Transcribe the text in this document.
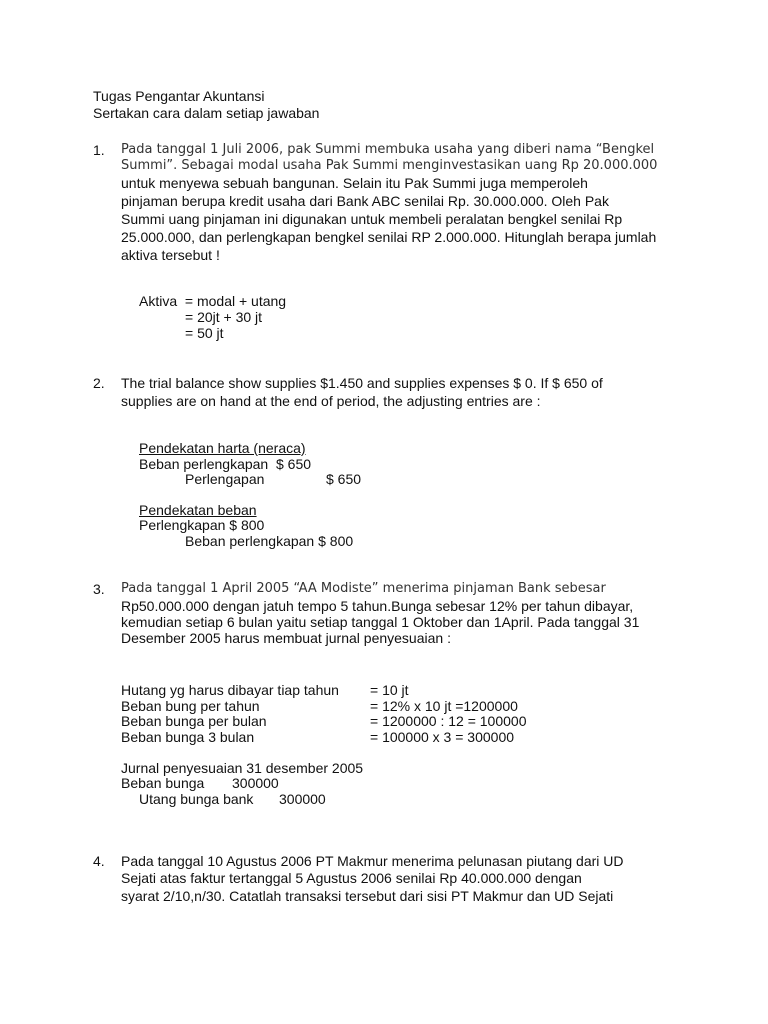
Tugas Pengantar Akuntansi
Sertakan cara dalam setiap jawaban
1. Pada tanggal 1 Juli 2006, pak Summi membuka usaha yang diberi nama “Bengkel
Summi”. Sebagai modal usaha Pak Summi menginvestasikan uang Rp 20.000.000
untuk menyewa sebuah bangunan. Selain itu Pak Summi juga memperoleh
pinjaman berupa kredit usaha dari Bank ABC senilai Rp. 30.000.000. Oleh Pak
Summi uang pinjaman ini digunakan untuk membeli peralatan bengkel senilai Rp
25.000.000, dan perlengkapan bengkel senilai RP 2.000.000. Hitunglah berapa jumlah
aktiva tersebut !
Aktiva  = modal + utang
= 20jt + 30 jt
= 50 jt
2. The trial balance show supplies $1.450 and supplies expenses $ 0. If $ 650 of
supplies are on hand at the end of period, the adjusting entries are :
Pendekatan harta (neraca)
Beban perlengkapan  $ 650
Perlengapan	$ 650
Pendekatan beban
Perlengkapan $ 800
Beban perlengkapan $ 800
3. Pada tanggal 1 April 2005 “AA Modiste” menerima pinjaman Bank sebesar
Rp50.000.000 dengan jatuh tempo 5 tahun.Bunga sebesar 12% per tahun dibayar,
kemudian setiap 6 bulan yaitu setiap tanggal 1 Oktober dan 1April. Pada tanggal 31
Desember 2005 harus membuat jurnal penyesuaian :
Hutang yg harus dibayar tiap tahun = 10 jt
Beban bung per tahun	= 12% x 10 jt =1200000
Beban bunga per bulan	= 1200000 : 12 = 100000
Beban bunga 3 bulan	= 100000 x 3 = 300000
Jurnal penyesuaian 31 desember 2005
Beban bunga 300000
Utang bunga bank 300000
4. Pada tanggal 10 Agustus 2006 PT Makmur menerima pelunasan piutang dari UD
Sejati atas faktur tertanggal 5 Agustus 2006 senilai Rp 40.000.000 dengan
syarat 2/10,n/30. Catatlah transaksi tersebut dari sisi PT Makmur dan UD Sejati
